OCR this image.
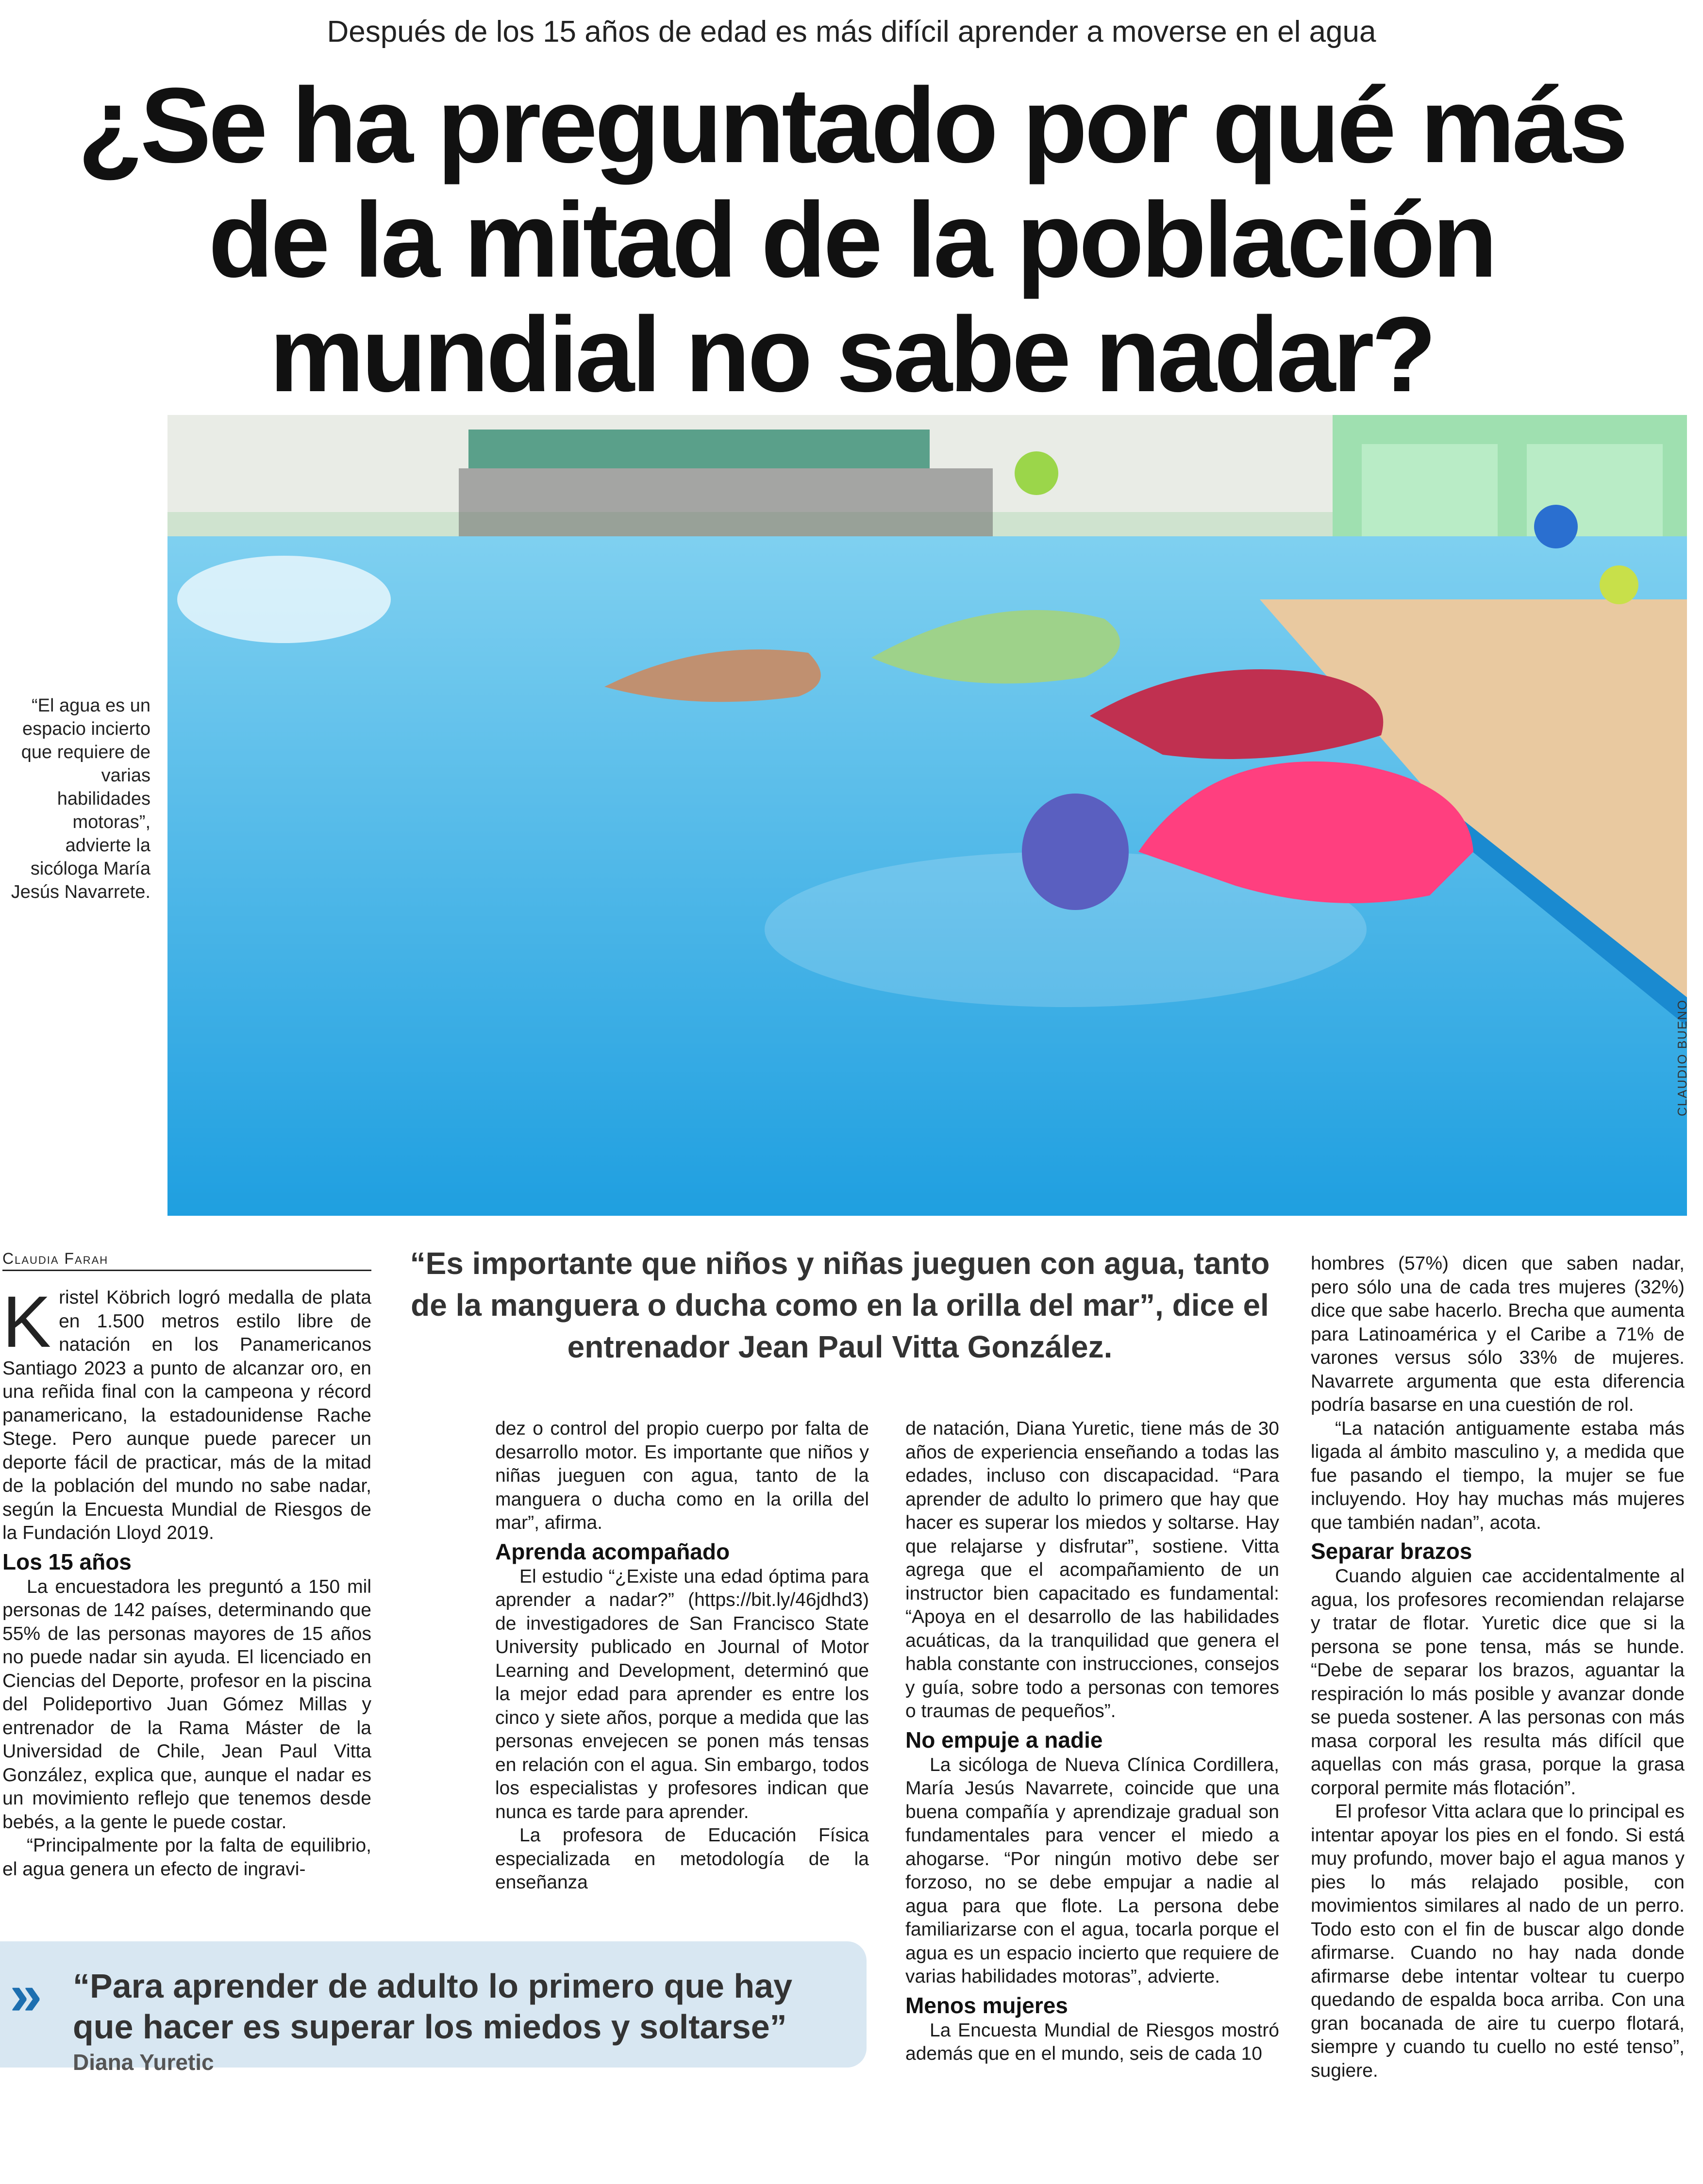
Después de los 15 años de edad es más difícil aprender a moverse en el agua
¿Se ha preguntado por qué más
de la mitad de la población
mundial no sabe nadar?
CLAUDIO BUENO
“El agua es un espacio incierto que requiere de varias habilidades motoras”, advierte la sicóloga María Jesús Navarrete.
Claudia Farah	“Es importante que niños y niñas jueguen con agua, tanto de la manguera o ducha como en la orilla del mar”, dice el entrenador Jean Paul Vitta González.

Kristel Köbrich logró medalla de plata en 1.500 metros estilo libre de natación en los Panamericanos Santiago 2023 a punto de alcanzar oro, en una reñida final con la campeona y récord panamericano, la estadounidense Rache Stege. Pero aunque puede parecer un deporte fácil de practicar, más de la mitad de la población del mundo no sabe nadar, según la Encuesta Mundial de Riesgos de la Fundación Lloyd 2019.

Los 15 años

La encuestadora les preguntó a 150 mil personas de 142 países, determinando que 55% de las personas mayores de 15 años no puede nadar sin ayuda. El licenciado en Ciencias del Deporte, profesor en la piscina del Polideportivo Juan Gómez Millas y entrenador de la Rama Máster de la Universidad de Chile, Jean Paul Vitta González, explica que, aunque el nadar es un movimiento reflejo que tenemos desde bebés, a la gente le puede costar.

“Principalmente por la falta de equilibrio, el agua genera un efecto de ingravi-

dez o control del propio cuerpo por falta de desarrollo motor. Es importante que niños y niñas jueguen con agua, tanto de la manguera o ducha como en la orilla del mar”, afirma.

Aprenda acompañado

El estudio “¿Existe una edad óptima para aprender a nadar?” (https://bit.ly/46jdhd3) de investigadores de San Francisco State University publicado en Journal of Motor Learning and Development, determinó que la mejor edad para aprender es entre los cinco y siete años, porque a medida que las personas envejecen se ponen más tensas en relación con el agua. Sin embargo, todos los especialistas y profesores indican que nunca es tarde para aprender.

La profesora de Educación Física especializada en metodología de la enseñanza

de natación, Diana Yuretic, tiene más de 30 años de experiencia enseñando a todas las edades, incluso con discapacidad. “Para aprender de adulto lo primero que hay que hacer es superar los miedos y soltarse. Hay que relajarse y disfrutar”, sostiene. Vitta agrega que el acompañamiento de un instructor bien capacitado es fundamental: “Apoya en el desarrollo de las habilidades acuáticas, da la tranquilidad que genera el habla constante con instrucciones, consejos y guía, sobre todo a personas con temores o traumas de pequeños”.

No empuje a nadie

La sicóloga de Nueva Clínica Cordillera, María Jesús Navarrete, coincide que una buena compañía y aprendizaje gradual son fundamentales para vencer el miedo a ahogarse. “Por ningún motivo debe ser forzoso, no se debe empujar a nadie al agua para que flote. La persona debe familiarizarse con el agua, tocarla porque el agua es un espacio incierto que requiere de varias habilidades motoras”, advierte.

Menos mujeres

La Encuesta Mundial de Riesgos mostró además que en el mundo, seis de cada 10

hombres (57%) dicen que saben nadar, pero sólo una de cada tres mujeres (32%) dice que sabe hacerlo. Brecha que aumenta para Latinoamérica y el Caribe a 71% de varones versus sólo 33% de mujeres. Navarrete argumenta que esta diferencia podría basarse en una cuestión de rol.

“La natación antiguamente estaba más ligada al ámbito masculino y, a medida que fue pasando el tiempo, la mujer se fue incluyendo. Hoy hay muchas más mujeres que también nadan”, acota.

Separar brazos

Cuando alguien cae accidentalmente al agua, los profesores recomiendan relajarse y tratar de flotar. Yuretic dice que si la persona se pone tensa, más se hunde. “Debe de separar los brazos, aguantar la respiración lo más posible y avanzar donde se pueda sostener. A las personas con más masa corporal les resulta más difícil que aquellas con más grasa, porque la grasa corporal permite más flotación”.

El profesor Vitta aclara que lo principal es intentar apoyar los pies en el fondo. Si está muy profundo, mover bajo el agua manos y pies lo más relajado posible, con movimientos similares al nado de un perro. Todo esto con el fin de buscar algo donde afirmarse. Cuando no hay nada donde afirmarse debe intentar voltear tu cuerpo quedando de espalda boca arriba. Con una gran bocanada de aire tu cuerpo flotará, siempre y cuando tu cuello no esté tenso”, sugiere.

» “Para aprender de adulto lo primero que hay que hacer es superar los miedos y soltarse”
Diana Yuretic
